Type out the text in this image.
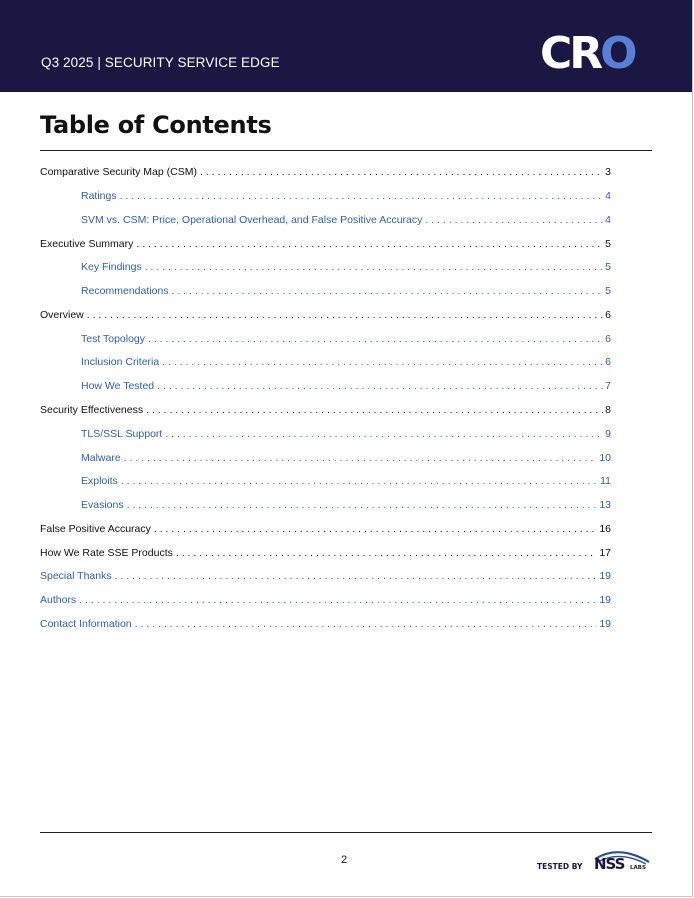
Q3 2025 | SECURITY SERVICE EDGE	CRO
Table of Contents
Comparative Security Map (CSM) . . .	3
Ratings . . .	4
SVM vs. CSM: Price, Operational Overhead, and False Positive Accuracy . . .	4
Executive Summary . . .	5
Key Findings . . .	5
Recommendations . . .	5
Overview . . .	6
Test Topology . . .	6
Inclusion Criteria . . .	6
How We Tested . . .	7
Security Effectiveness . . .	8
TLS/SSL Support . . .	9
Malware . . .	10
Exploits . . .	11
Evasions . . .	13
False Positive Accuracy . . .	16
How We Rate SSE Products . . .	17
Special Thanks . . .	19
Authors . . .	19
Contact Information . . .	19
2
TESTED BY NSS LABS
